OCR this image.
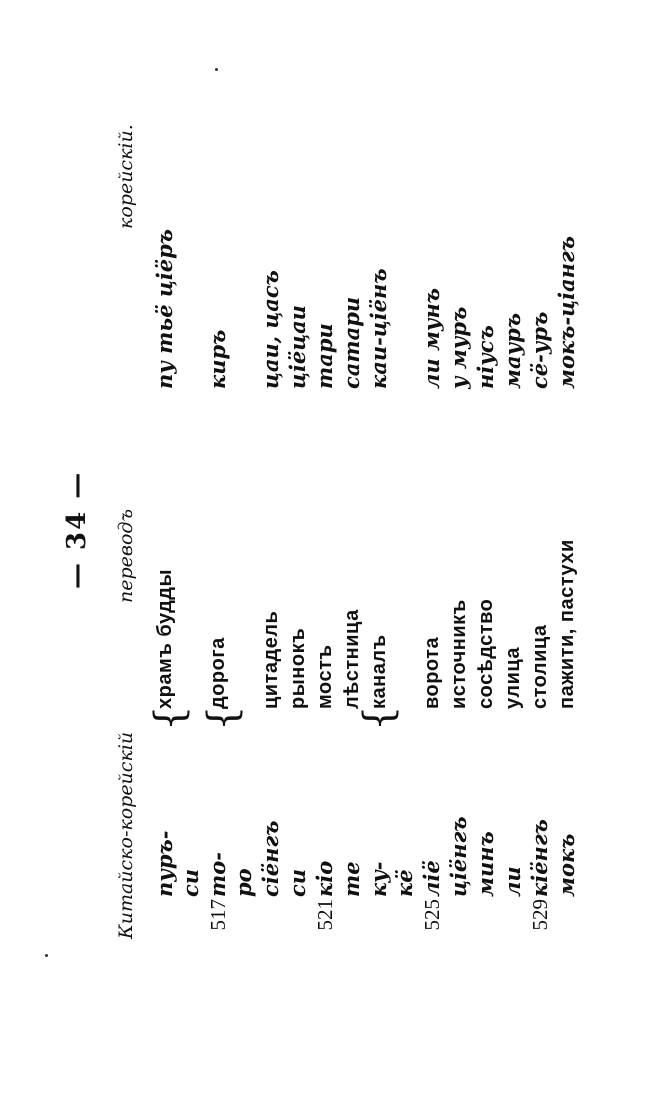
— 34 —
Китайско-корейскій
переводъ
корейскій.
пуръ-
храмъ будды
пу тьё цiёръ
си
517
то-
дорога
киръ
ро сiёнгъ
цитадель
цаи, цасъ
си
рынокъ
цiёцаи
521
кiо
мостъ
тари
те
лѣстница
сатари
ку-
каналъ
каи-цiёнъ
кё
525
лiё
ворота
ли мунъ
цiёнгъ
источникъ
у муръ
минъ
сосѣдство
нiусъ
ли
улица
мауръ
529
кiёнгъ
столица
сё-уръ
мокъ
пажити, пастухи
мокъ-цiангъ
{ {	{
